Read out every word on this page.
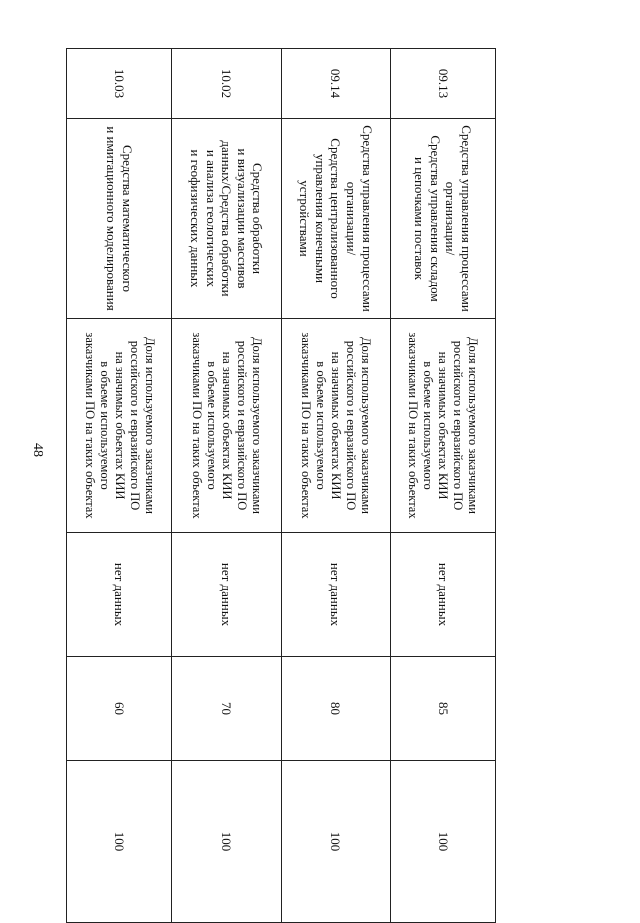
48
09.13	Средства управления процессами
организации/
Средства управления складом
и цепочками поставок	Доля используемого заказчиками
российского и евразийского ПО
на значимых объектах КИИ
в объеме используемого
заказчиками ПО на таких объектах	нет данных	85	100
09.14	Средства управления процессами
организации/
Средства централизованного
управления конечными
устройствами	Доля используемого заказчиками
российского и евразийского ПО
на значимых объектах КИИ
в объеме используемого
заказчиками ПО на таких объектах	нет данных	80	100
10.02	Средства обработки
и визуализации массивов
данных/Средства обработки
и анализа геологических
и геофизических данных	Доля используемого заказчиками
российского и евразийского ПО
на значимых объектах КИИ
в объеме используемого
заказчиками ПО на таких объектах	нет данных	70	100
10.03	Средства математического
и имитационного моделирования	Доля используемого заказчиками
российского и евразийского ПО
на значимых объектах КИИ
в объеме используемого
заказчиками ПО на таких объектах	нет данных	60	100
